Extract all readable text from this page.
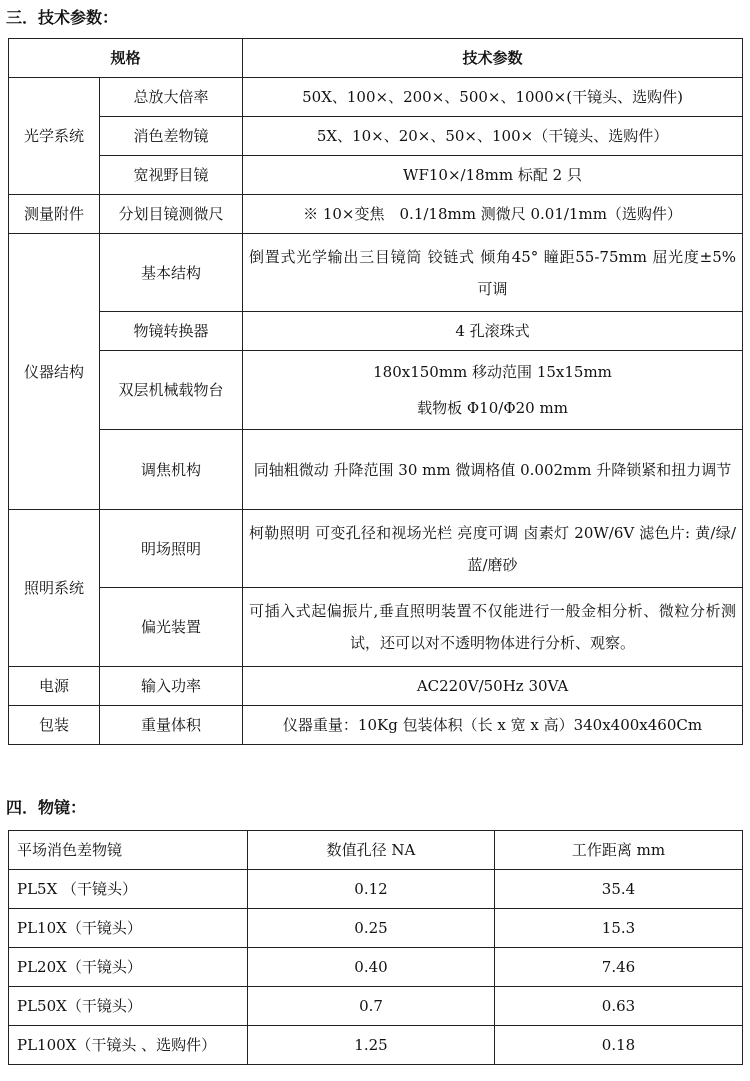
三．技术参数：
规格		技术参数
光学系统	总放大倍率	50X、100×、200×、500×、1000×(干镜头、选购件)
	消色差物镜	5X、10×、20×、50×、100×（干镜头、选购件）
	宽视野目镜	WF10×/18mm 标配 2 只
测量附件	分划目镜测微尺	※ 10×变焦　0.1/18mm 测微尺 0.01/1mm（选购件）
仪器结构	基本结构	倒置式光学输出三目镜筒 铰链式 倾角45° 瞳距55-75mm 屈光度±5% 可调
	物镜转换器	4 孔滚珠式
	双层机械载物台	180x150mm 移动范围 15x15mm
载物板 Φ10/Φ20 mm

	调焦机构	同轴粗微动 升降范围 30 mm 微调格值 0.002mm 升降锁紧和扭力调节
照明系统	明场照明	柯勒照明 可变孔径和视场光栏 亮度可调 卤素灯 20W/6V 滤色片: 黄/绿/蓝/磨砂
	偏光装置	可插入式起偏振片,垂直照明装置不仅能进行一般金相分析、微粒分析测试，还可以对不透明物体进行分析、观察。
电源	输入功率	AC220V/50Hz 30VA
包装	重量体积	仪器重量：10Kg 包装体积（长 x 宽 x 高）340x400x460Cm
四．物镜：
平场消色差物镜	数值孔径 NA	工作距离 mm
PL5X （干镜头）	0.12	35.4
PL10X（干镜头）	0.25	15.3
PL20X（干镜头）	0.40	7.46
PL50X（干镜头）	0.7	0.63
PL100X（干镜头 、选购件）	1.25	0.18
